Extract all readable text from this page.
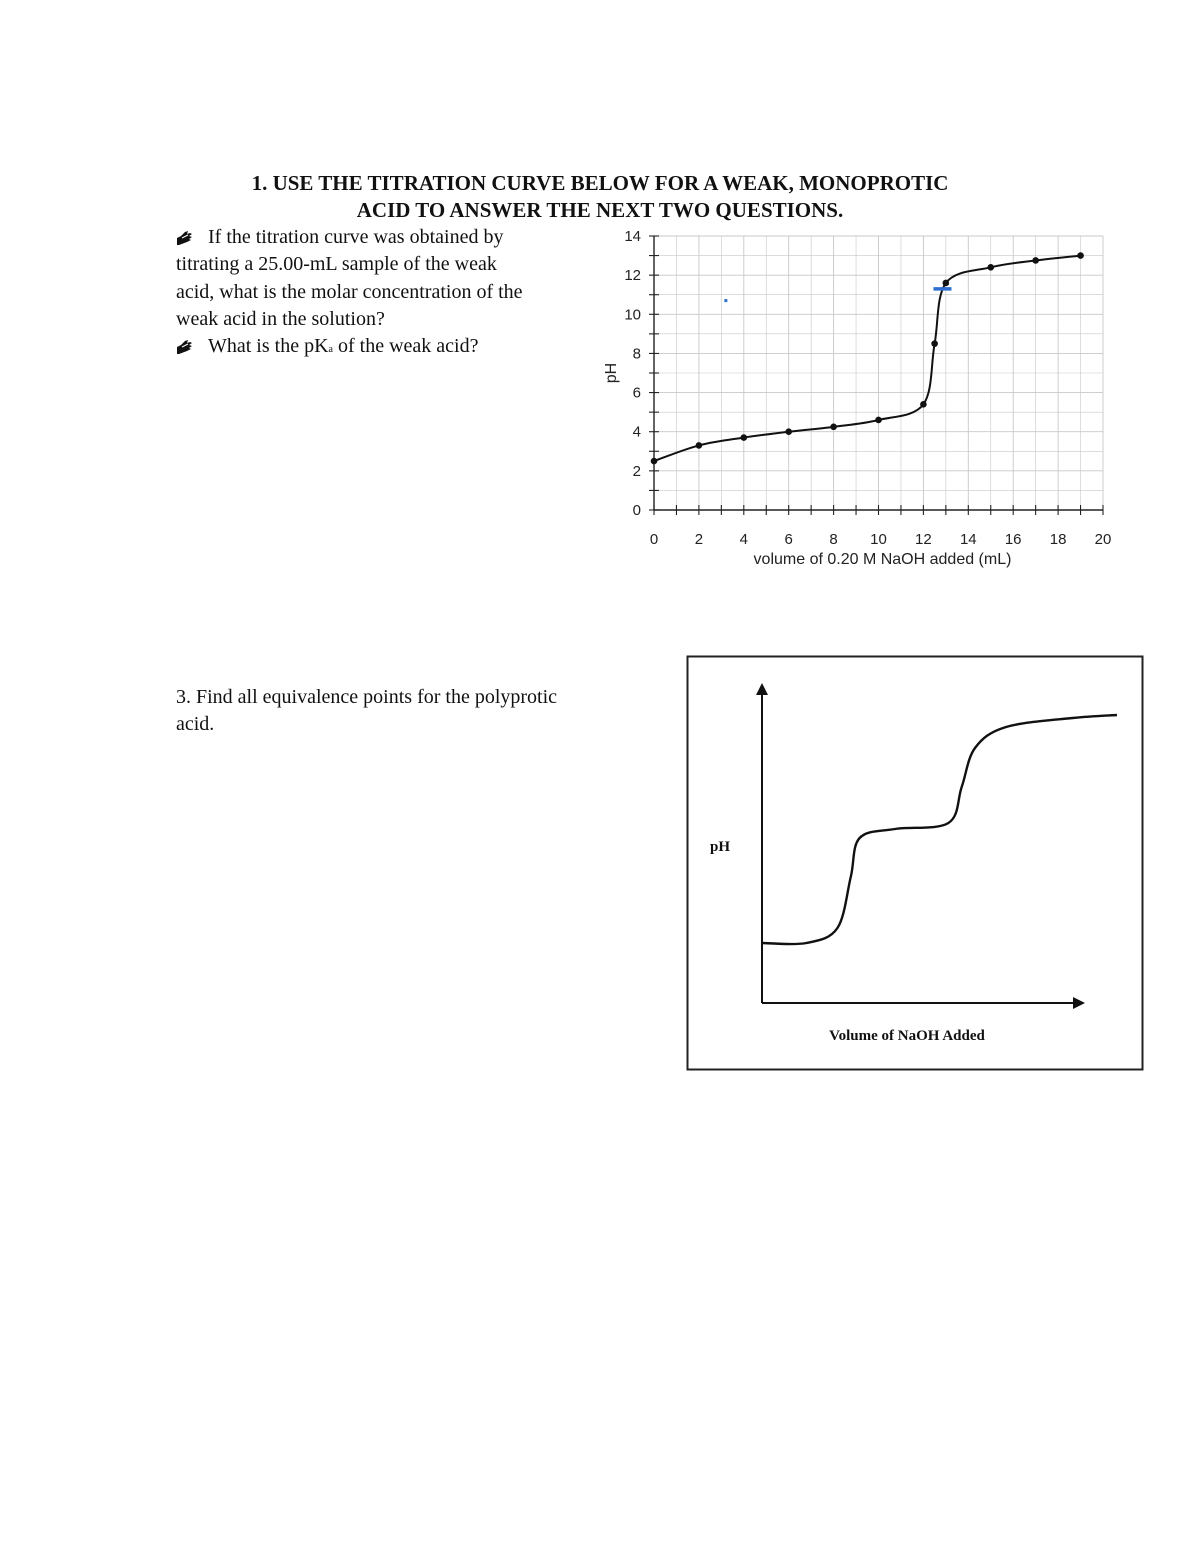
1. USE THE TITRATION CURVE BELOW FOR A WEAK, MONOPROTIC
ACID TO ANSWER THE NEXT TWO QUESTIONS.
If the titration curve was obtained by
titrating a 25.00-mL sample of the weak
acid, what is the molar concentration of the
weak acid in the solution?
What is the pKa of the weak acid?
3. Find all equivalence points for the polyprotic
acid.
0 2 4 6 8 10 12 14 16 18 20
0
2
4
6
8
10
12
14
volume of 0.20 M NaOH added (mL)
pH
pH
Volume of NaOH Added
